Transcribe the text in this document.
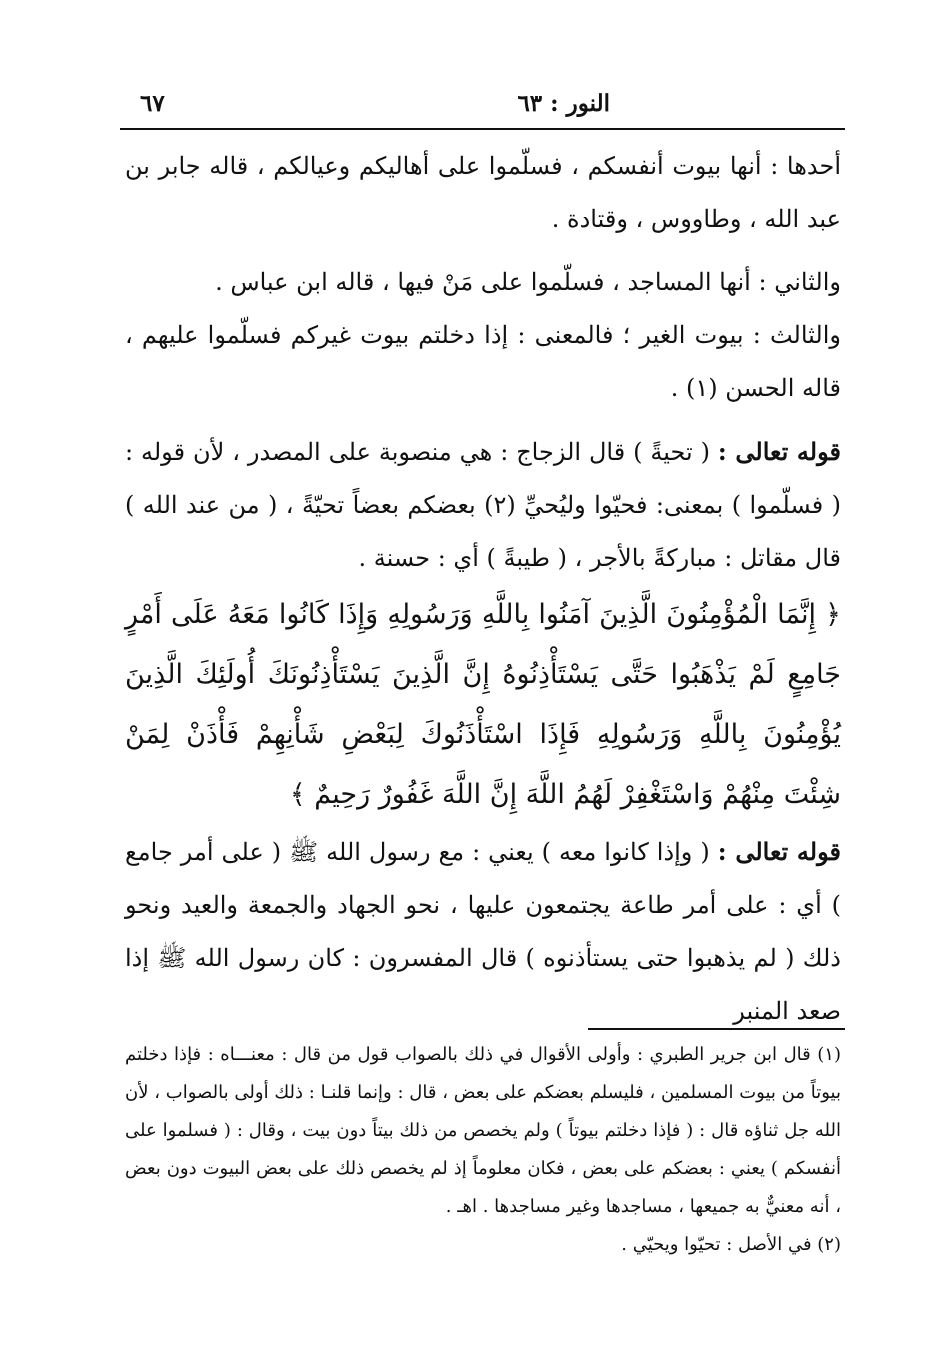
النور : ٦٣
٦٧

أحدها : أنها بيوت أنفسكم ، فسلّموا على أهاليكم وعيالكم ، قاله جابر بن عبد الله ، وطاووس ، وقتادة .

والثاني : أنها المساجد ، فسلّموا على مَنْ فيها ، قاله ابن عباس .

والثالث : بيوت الغير ؛ فالمعنى : إذا دخلتم بيوت غيركم فسلّموا عليهم ، قاله الحسن (١) .

قوله تعالى : ( تحيةً ) قال الزجاج : هي منصوبة على المصدر ، لأن قوله : ( فسلّموا ) بمعنى: فحيّوا وليُحيِّ (٢) بعضكم بعضاً تحيّةً ، ( من عند الله ) قال مقاتل : مباركةً بالأجر ، ( طيبةً ) أي : حسنة .

﴿ إِنَّمَا الْمُؤْمِنُونَ الَّذِينَ آمَنُوا بِاللَّهِ وَرَسُولِهِ وَإِذَا كَانُوا مَعَهُ عَلَى أَمْرٍ جَامِعٍ لَمْ يَذْهَبُوا حَتَّى يَسْتَأْذِنُوهُ إِنَّ الَّذِينَ يَسْتَأْذِنُونَكَ أُولَئِكَ الَّذِينَ يُؤْمِنُونَ بِاللَّهِ وَرَسُولِهِ فَإِذَا اسْتَأْذَنُوكَ لِبَعْضِ شَأْنِهِمْ فَأْذَنْ لِمَنْ شِئْتَ مِنْهُمْ وَاسْتَغْفِرْ لَهُمُ اللَّهَ إِنَّ اللَّهَ غَفُورٌ رَحِيمٌ ﴾

قوله تعالى : ( وإذا كانوا معه ) يعني : مع رسول الله ﷺ ( على أمر جامع ) أي : على أمر طاعة يجتمعون عليها ، نحو الجهاد والجمعة والعيد ونحو ذلك ( لم يذهبوا حتى يستأذنوه ) قال المفسرون : كان رسول الله ﷺ إذا صعد المنبر

(١) قال ابن جرير الطبري : وأولى الأقوال في ذلك بالصواب قول من قال : معنـــاه : فإذا دخلتم بيوتاً من بيوت المسلمين ، فليسلم بعضكم على بعض ، قال : وإنما قلنـا : ذلك أولى بالصواب ، لأن الله جل ثناؤه قال : ( فإذا دخلتم بيوتاً ) ولم يخصص من ذلك بيتاً دون بيت ، وقال : ( فسلموا على أنفسكم ) يعني : بعضكم على بعض ، فكان معلوماً إذ لم يخصص ذلك على بعض البيوت دون بعض ، أنه معنيٌّ به جميعها ، مساجدها وغير مساجدها . اهـ .

(٢) في الأصل : تحيّوا ويحيّي .
